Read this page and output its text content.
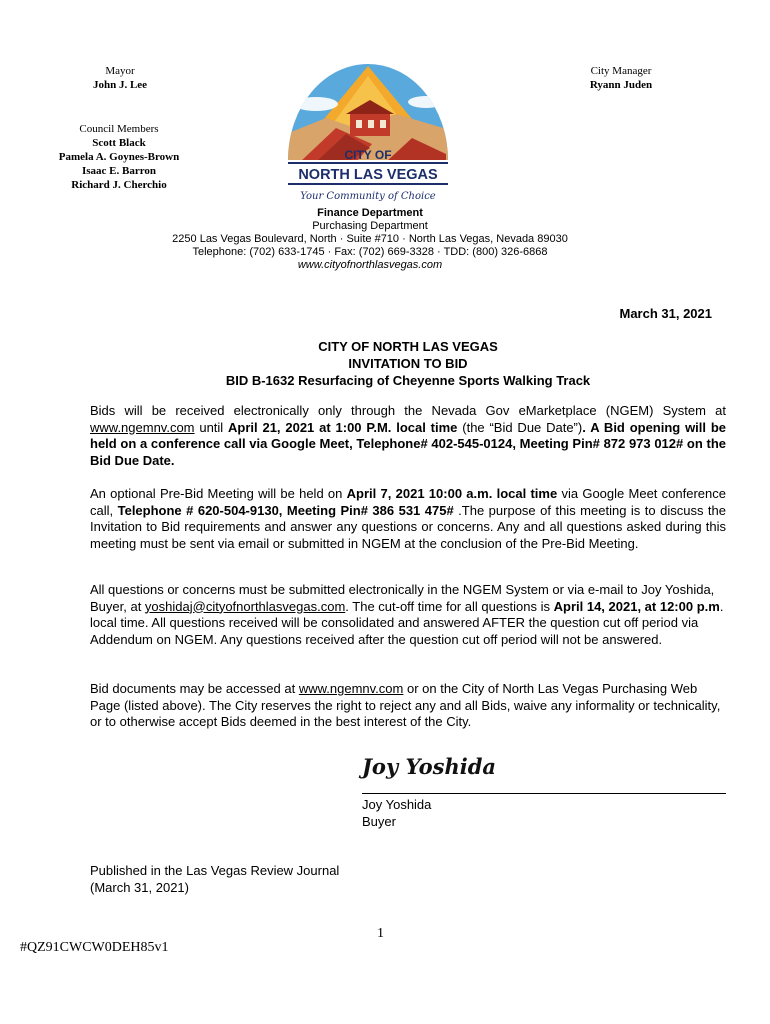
Mayor
John J. Lee
City Manager
Ryann Juden
Council Members
Scott Black
Pamela A. Goynes-Brown
Isaac E. Barron
Richard J. Cherchio
CITY OF
NORTH LAS VEGAS
Your Community of Choice
Finance Department
Purchasing Department
2250 Las Vegas Boulevard, North · Suite #710 · North Las Vegas, Nevada 89030
Telephone: (702) 633-1745 · Fax: (702) 669-3328 · TDD: (800) 326-6868
www.cityofnorthlasvegas.com
March 31, 2021
CITY OF NORTH LAS VEGAS
INVITATION TO BID
BID B-1632 Resurfacing of Cheyenne Sports Walking Track
Bids will be received electronically only through the Nevada Gov eMarketplace (NGEM) System at www.ngemnv.com until April 21, 2021 at 1:00 P.M. local time (the “Bid Due Date”). A Bid opening will be held on a conference call via Google Meet, Telephone# 402-545-0124, Meeting Pin# 872 973 012# on the Bid Due Date.
An optional Pre-Bid Meeting will be held on April 7, 2021 10:00 a.m. local time via Google Meet conference call, Telephone # 620-504-9130, Meeting Pin# 386 531 475# .The purpose of this meeting is to discuss the Invitation to Bid requirements and answer any questions or concerns. Any and all questions asked during this meeting must be sent via email or submitted in NGEM at the conclusion of the Pre-Bid Meeting.
All questions or concerns must be submitted electronically in the NGEM System or via e-mail to Joy Yoshida, Buyer, at yoshidaj@cityofnorthlasvegas.com. The cut-off time for all questions is April 14, 2021, at 12:00 p.m. local time. All questions received will be consolidated and answered AFTER the question cut off period via Addendum on NGEM. Any questions received after the question cut off period will not be answered.
Bid documents may be accessed at www.ngemnv.com or on the City of North Las Vegas Purchasing Web Page (listed above). The City reserves the right to reject any and all Bids, waive any informality or technicality, or to otherwise accept Bids deemed in the best interest of the City.
Joy Yoshida
Joy Yoshida
Buyer
Published in the Las Vegas Review Journal
(March 31, 2021)
1
#QZ91CWCW0DEH85v1
